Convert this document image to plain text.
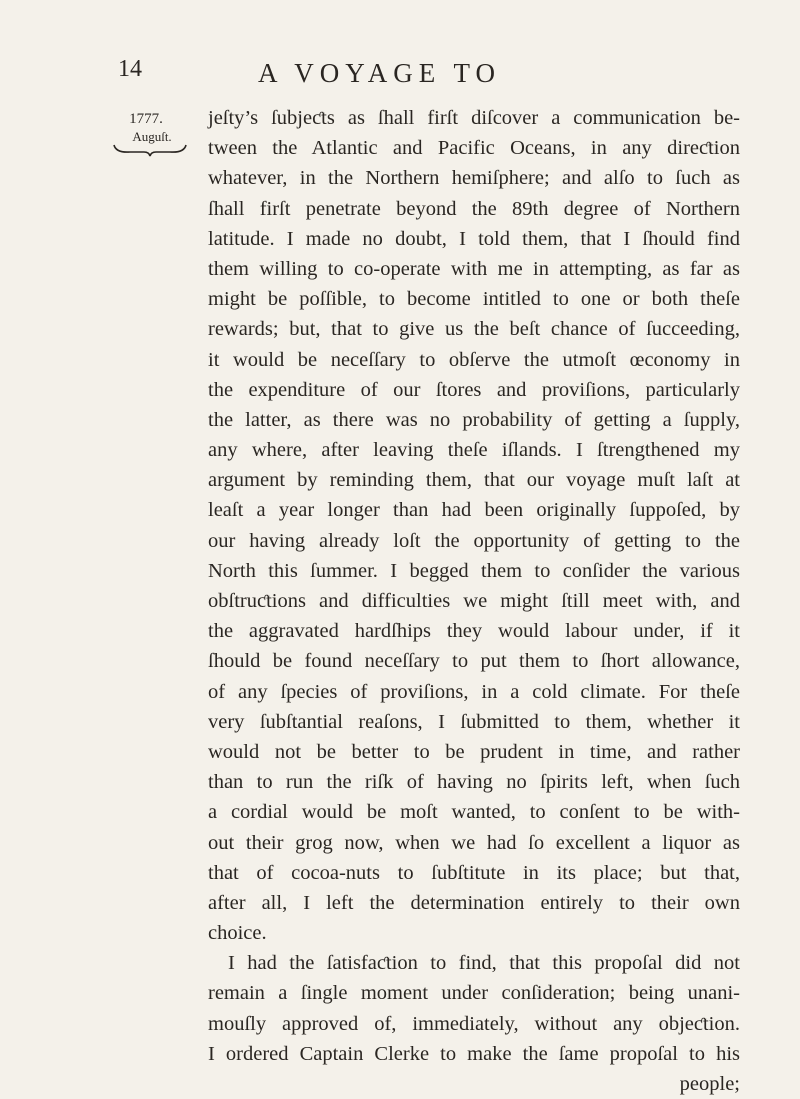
14	A VOYAGE TO
1777.
Auguſt.
jeſty’s ſubjeƈts as ſhall firſt diſcover a communication be-
tween the Atlantic and Pacific Oceans, in any direƈtion
whatever, in the Northern hemiſphere; and alſo to ſuch as
ſhall firſt penetrate beyond the 89th degree of Northern
latitude. I made no doubt, I told them, that I ſhould find
them willing to co-operate with me in attempting, as far as
might be poſſible, to become intitled to one or both theſe
rewards; but, that to give us the beſt chance of ſucceeding,
it would be neceſſary to obſerve the utmoſt œconomy in
the expenditure of our ſtores and proviſions, particularly
the latter, as there was no probability of getting a ſupply,
any where, after leaving theſe iſlands. I ſtrengthened my
argument by reminding them, that our voyage muſt laſt at
leaſt a year longer than had been originally ſuppoſed, by
our having already loſt the opportunity of getting to the
North this ſummer. I begged them to conſider the various
obſtruƈtions and difficulties we might ſtill meet with, and
the aggravated hardſhips they would labour under, if it
ſhould be found neceſſary to put them to ſhort allowance,
of any ſpecies of proviſions, in a cold climate. For theſe
very ſubſtantial reaſons, I ſubmitted to them, whether it
would not be better to be prudent in time, and rather
than to run the riſk of having no ſpirits left, when ſuch
a cordial would be moſt wanted, to conſent to be with-
out their grog now, when we had ſo excellent a liquor as
that of cocoa-nuts to ſubſtitute in its place; but that,
after all, I left the determination entirely to their own
choice.
I had the ſatisfaƈtion to find, that this propoſal did not
remain a ſingle moment under conſideration; being unani-
mouſly approved of, immediately, without any objeƈtion.
I ordered Captain Clerke to make the ſame propoſal to his
people;
